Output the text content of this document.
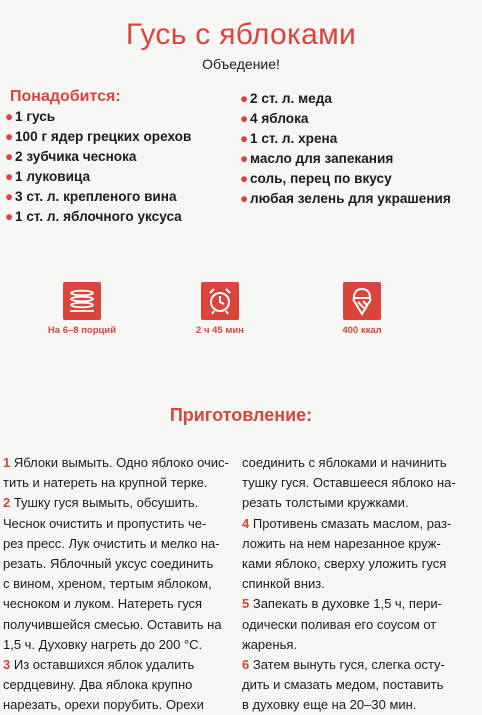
Гусь с яблоками

Объедение!

Понадобится:
● 1 гусь
● 100 г ядер грецких орехов
● 2 зубчика чеснока
● 1 луковица
● 3 ст. л. крепленого вина
● 1 ст. л. яблочного уксуса
● 2 ст. л. меда
● 4 яблока
● 1 ст. л. хрена
● масло для запекания
● соль, перец по вкусу
● любая зелень для украшения
На 6–8 порций	2 ч 45 мин	400 ккал
Приготовление:
1 Яблоки вымыть. Одно яблоко очис-
тить и натереть на крупной терке.
2 Тушку гуся вымыть, обсушить.
Чеснок очистить и пропустить че-
рез пресс. Лук очистить и мелко на-
резать. Яблочный уксус соединить
с вином, хреном, тертым яблоком,
чесноком и луком. Натереть гуся
получившейся смесью. Оставить на
1,5 ч. Духовку нагреть до 200 °С.
3 Из оставшихся яблок удалить
сердцевину. Два яблока крупно
нарезать, орехи порубить. Орехи
соединить с яблоками и начинить
тушку гуся. Оставшееся яблоко на-
резать толстыми кружками.
4 Противень смазать маслом, раз-
ложить на нем нарезанное круж-
ками яблоко, сверху уложить гуся
спинкой вниз.
5 Запекать в духовке 1,5 ч, пери-
одически поливая его соусом от
жаренья.
6 Затем вынуть гуся, слегка осту-
дить и смазать медом, поставить
в духовку еще на 20–30 мин.
